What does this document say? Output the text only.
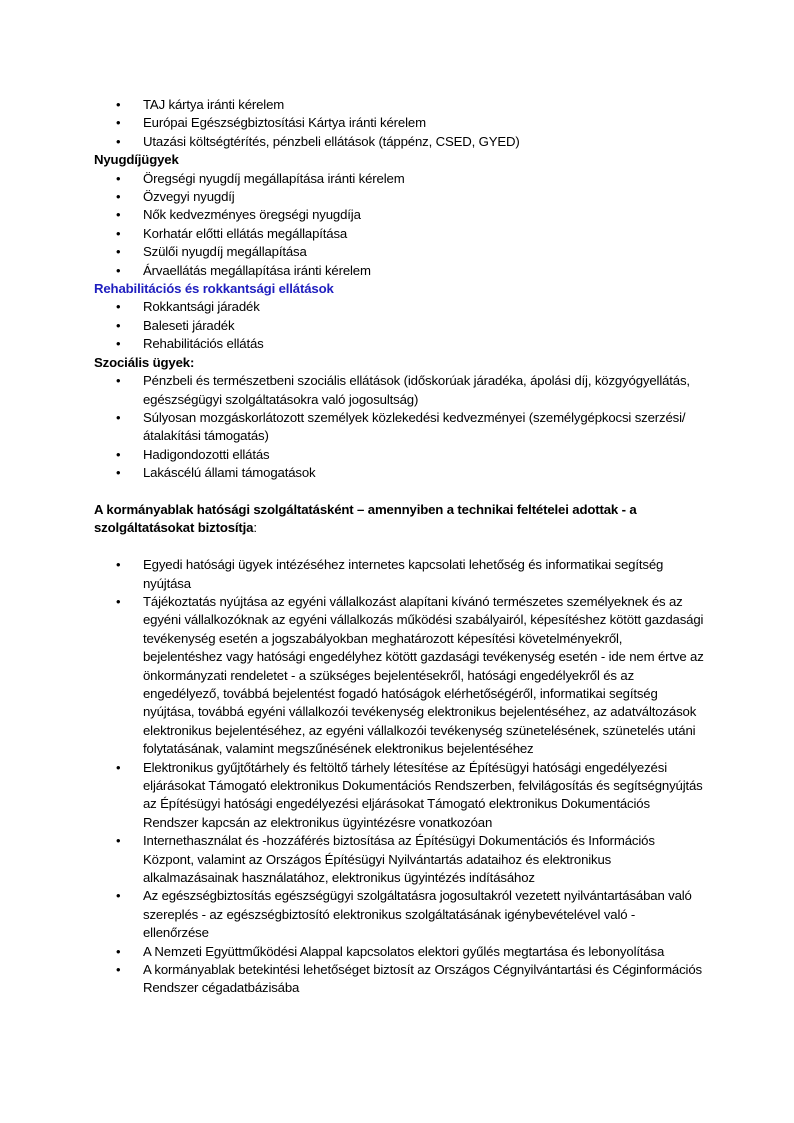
• TAJ kártya iránti kérelem
• Európai Egészségbiztosítási Kártya iránti kérelem
• Utazási költségtérítés, pénzbeli ellátások (táppénz, CSED, GYED)
Nyugdíjügyek
• Öregségi nyugdíj megállapítása iránti kérelem
• Özvegyi nyugdíj
• Nők kedvezményes öregségi nyugdíja
• Korhatár előtti ellátás megállapítása
• Szülői nyugdíj megállapítása
• Árvaellátás megállapítása iránti kérelem
Rehabilitációs és rokkantsági ellátások
• Rokkantsági járadék
• Baleseti járadék
• Rehabilitációs ellátás
Szociális ügyek:
• Pénzbeli és természetbeni szociális ellátások (időskorúak járadéka, ápolási díj, közgyógyellátás, egészségügyi szolgáltatásokra való jogosultság)
• Súlyosan mozgáskorlátozott személyek közlekedési kedvezményei (személygépkocsi szerzési/átalakítási támogatás)
• Hadigondozotti ellátás
• Lakáscélú állami támogatások
A kormányablak hatósági szolgáltatásként – amennyiben a technikai feltételei adottak - a szolgáltatásokat biztosítja:
• Egyedi hatósági ügyek intézéséhez internetes kapcsolati lehetőség és informatikai segítség nyújtása
• Tájékoztatás nyújtása az egyéni vállalkozást alapítani kívánó természetes személyeknek és az egyéni vállalkozóknak az egyéni vállalkozás működési szabályairól, képesítéshez kötött gazdasági tevékenység esetén a jogszabályokban meghatározott képesítési követelményekről, bejelentéshez vagy hatósági engedélyhez kötött gazdasági tevékenység esetén - ide nem értve az önkormányzati rendeletet - a szükséges bejelentésekről, hatósági engedélyekről és az engedélyező, továbbá bejelentést fogadó hatóságok elérhetőségéről, informatikai segítség nyújtása, továbbá egyéni vállalkozói tevékenység elektronikus bejelentéséhez, az adatváltozások elektronikus bejelentéséhez, az egyéni vállalkozói tevékenység szünetelésének, szünetelés utáni folytatásának, valamint megszűnésének elektronikus bejelentéséhez
• Elektronikus gyűjtőtárhely és feltöltő tárhely létesítése az Építésügyi hatósági engedélyezési eljárásokat Támogató elektronikus Dokumentációs Rendszerben, felvilágosítás és segítségnyújtás az Építésügyi hatósági engedélyezési eljárásokat Támogató elektronikus Dokumentációs Rendszer kapcsán az elektronikus ügyintézésre vonatkozóan
• Internethasználat és -hozzáférés biztosítása az Építésügyi Dokumentációs és Információs Központ, valamint az Országos Építésügyi Nyilvántartás adataihoz és elektronikus alkalmazásainak használatához, elektronikus ügyintézés indításához
• Az egészségbiztosítás egészségügyi szolgáltatásra jogosultakról vezetett nyilvántartásában való szereplés - az egészségbiztosító elektronikus szolgáltatásának igénybevételével való - ellenőrzése
• A Nemzeti Együttműködési Alappal kapcsolatos elektori gyűlés megtartása és lebonyolítása
• A kormányablak betekintési lehetőséget biztosít az Országos Cégnyilvántartási és Céginformációs Rendszer cégadatbázisába
